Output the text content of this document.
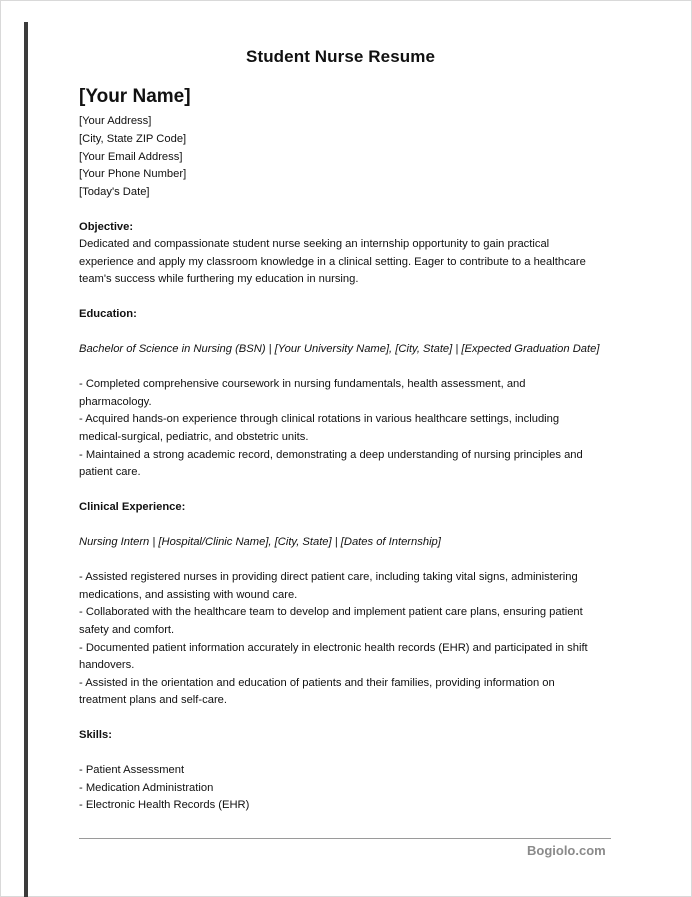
Student Nurse Resume
[Your Name]
[Your Address]
[City, State ZIP Code]
[Your Email Address]
[Your Phone Number]
[Today's Date]
Objective:
Dedicated and compassionate student nurse seeking an internship opportunity to gain practical
experience and apply my classroom knowledge in a clinical setting. Eager to contribute to a healthcare
team's success while furthering my education in nursing.
Education:
Bachelor of Science in Nursing (BSN) | [Your University Name], [City, State] | [Expected Graduation Date]
- Completed comprehensive coursework in nursing fundamentals, health assessment, and
pharmacology.
- Acquired hands-on experience through clinical rotations in various healthcare settings, including
medical-surgical, pediatric, and obstetric units.
- Maintained a strong academic record, demonstrating a deep understanding of nursing principles and
patient care.
Clinical Experience:
Nursing Intern | [Hospital/Clinic Name], [City, State] | [Dates of Internship]
- Assisted registered nurses in providing direct patient care, including taking vital signs, administering
medications, and assisting with wound care.
- Collaborated with the healthcare team to develop and implement patient care plans, ensuring patient
safety and comfort.
- Documented patient information accurately in electronic health records (EHR) and participated in shift
handovers.
- Assisted in the orientation and education of patients and their families, providing information on
treatment plans and self-care.
Skills:
- Patient Assessment
- Medication Administration
- Electronic Health Records (EHR)
Bogiolo.com
